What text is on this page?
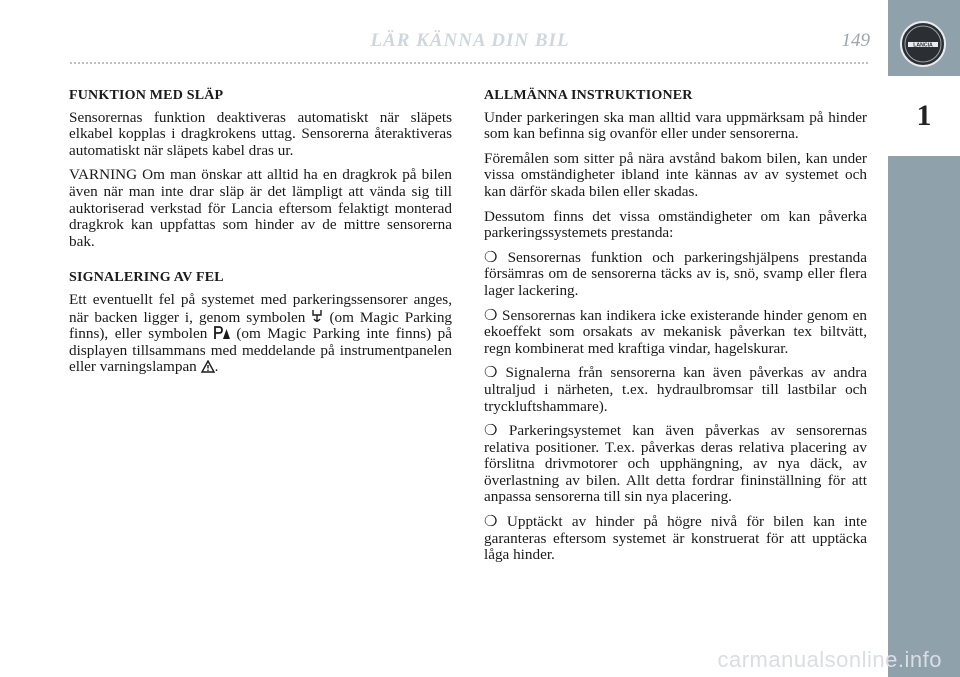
LÄR KÄNNA DIN BIL	149	LANCIA
1
FUNKTION MED SLÄP

Sensorernas funktion deaktiveras automatiskt när släpets elkabel kopplas i dragkrokens uttag. Sensorerna återaktiveras automatiskt när släpets kabel dras ur.

VARNING Om man önskar att alltid ha en dragkrok på bilen även när man inte drar släp är det lämpligt att vända sig till auktoriserad verkstad för Lancia eftersom felaktigt monterad dragkrok kan uppfattas som hinder av de mittre sensorerna bak.

SIGNALERING AV FEL

Ett eventuellt fel på systemet med parkeringssensorer anges, när backen ligger i, genom symbolen (om Magic Parking finns), eller symbolen (om Magic Parking inte finns) på displayen tillsammans med meddelande på instrumentpanelen eller varningslampan .

ALLMÄNNA INSTRUKTIONER

Under parkeringen ska man alltid vara uppmärksam på hinder som kan befinna sig ovanför eller under sensorerna.

Föremålen som sitter på nära avstånd bakom bilen, kan under vissa omständigheter ibland inte kännas av av systemet och kan därför skada bilen eller skadas.

Dessutom finns det vissa omständigheter om kan påverka parkeringssystemets prestanda:

❍ Sensorernas funktion och parkeringshjälpens prestanda försämras om de sensorerna täcks av is, snö, svamp eller flera lager lackering.

❍ Sensorernas kan indikera icke existerande hinder genom en ekoeffekt som orsakats av mekanisk påverkan tex biltvätt, regn kombinerat med kraftiga vindar, hagelskurar.

❍ Signalerna från sensorerna kan även påverkas av andra ultraljud i närheten, t.ex. hydraulbromsar till lastbilar och tryckluftshammare).

❍ Parkeringsystemet kan även påverkas av sensorernas relativa positioner. T.ex. påverkas deras relativa placering av förslitna drivmotorer och upphängning, av nya däck, av överlastning av bilen. Allt detta fordrar fininställning för att anpassa sensorerna till sin nya placering.

❍ Upptäckt av hinder på högre nivå för bilen kan inte garanteras eftersom systemet är konstruerat för att upptäcka låga hinder.

carmanualsonline.info
